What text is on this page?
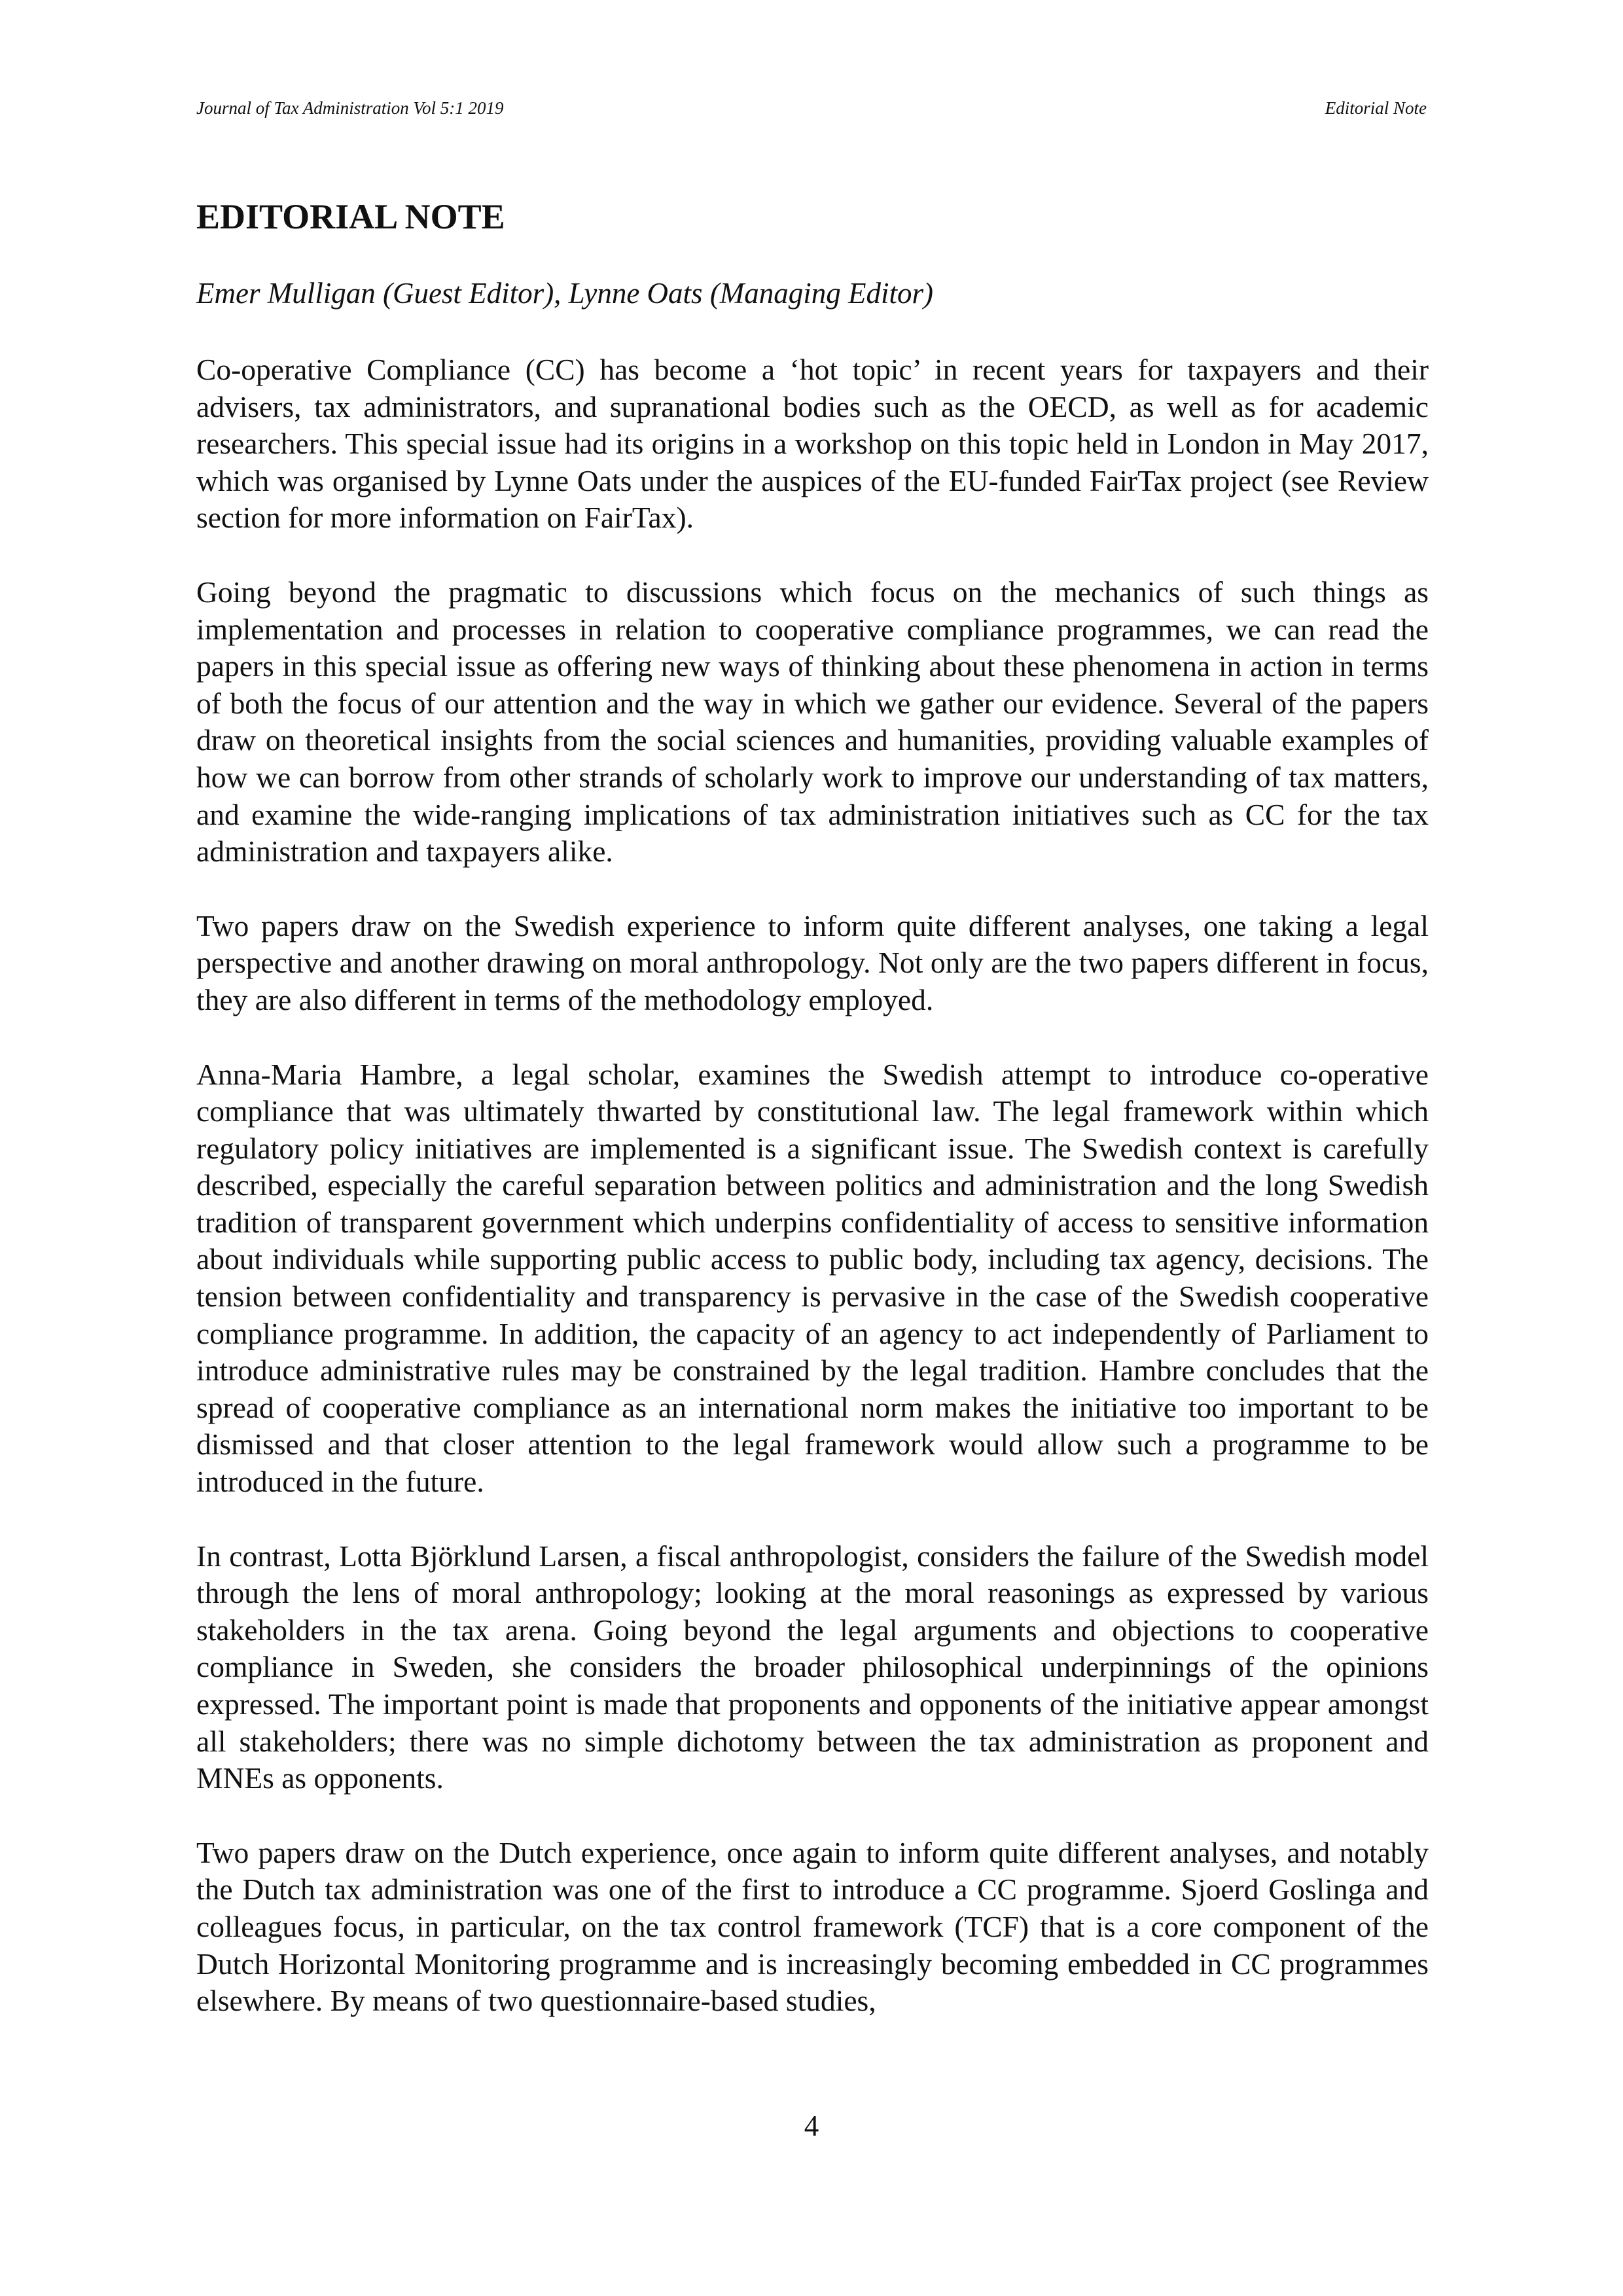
Journal of Tax Administration Vol 5:1 2019	Editorial Note
EDITORIAL NOTE

Emer Mulligan (Guest Editor), Lynne Oats (Managing Editor)

Co-operative Compliance (CC) has become a ‘hot topic’ in recent years for taxpayers and their advisers, tax administrators, and supranational bodies such as the OECD, as well as for academic researchers. This special issue had its origins in a workshop on this topic held in London in May 2017, which was organised by Lynne Oats under the auspices of the EU-funded FairTax project (see Review section for more information on FairTax).

Going beyond the pragmatic to discussions which focus on the mechanics of such things as implementation and processes in relation to cooperative compliance programmes, we can read the papers in this special issue as offering new ways of thinking about these phenomena in action in terms of both the focus of our attention and the way in which we gather our evidence. Several of the papers draw on theoretical insights from the social sciences and humanities, providing valuable examples of how we can borrow from other strands of scholarly work to improve our understanding of tax matters, and examine the wide-ranging implications of tax administration initiatives such as CC for the tax administration and taxpayers alike.

Two papers draw on the Swedish experience to inform quite different analyses, one taking a legal perspective and another drawing on moral anthropology. Not only are the two papers different in focus, they are also different in terms of the methodology employed.

Anna-Maria Hambre, a legal scholar, examines the Swedish attempt to introduce co-operative compliance that was ultimately thwarted by constitutional law. The legal framework within which regulatory policy initiatives are implemented is a significant issue. The Swedish context is carefully described, especially the careful separation between politics and administration and the long Swedish tradition of transparent government which underpins confidentiality of access to sensitive information about individuals while supporting public access to public body, including tax agency, decisions. The tension between confidentiality and transparency is pervasive in the case of the Swedish cooperative compliance programme. In addition, the capacity of an agency to act independently of Parliament to introduce administrative rules may be constrained by the legal tradition. Hambre concludes that the spread of cooperative compliance as an international norm makes the initiative too important to be dismissed and that closer attention to the legal framework would allow such a programme to be introduced in the future.

In contrast, Lotta Björklund Larsen, a fiscal anthropologist, considers the failure of the Swedish model through the lens of moral anthropology; looking at the moral reasonings as expressed by various stakeholders in the tax arena. Going beyond the legal arguments and objections to cooperative compliance in Sweden, she considers the broader philosophical underpinnings of the opinions expressed. The important point is made that proponents and opponents of the initiative appear amongst all stakeholders; there was no simple dichotomy between the tax administration as proponent and MNEs as opponents.

Two papers draw on the Dutch experience, once again to inform quite different analyses, and notably the Dutch tax administration was one of the first to introduce a CC programme. Sjoerd Goslinga and colleagues focus, in particular, on the tax control framework (TCF) that is a core component of the Dutch Horizontal Monitoring programme and is increasingly becoming embedded in CC programmes elsewhere. By means of two questionnaire-based studies,

4
